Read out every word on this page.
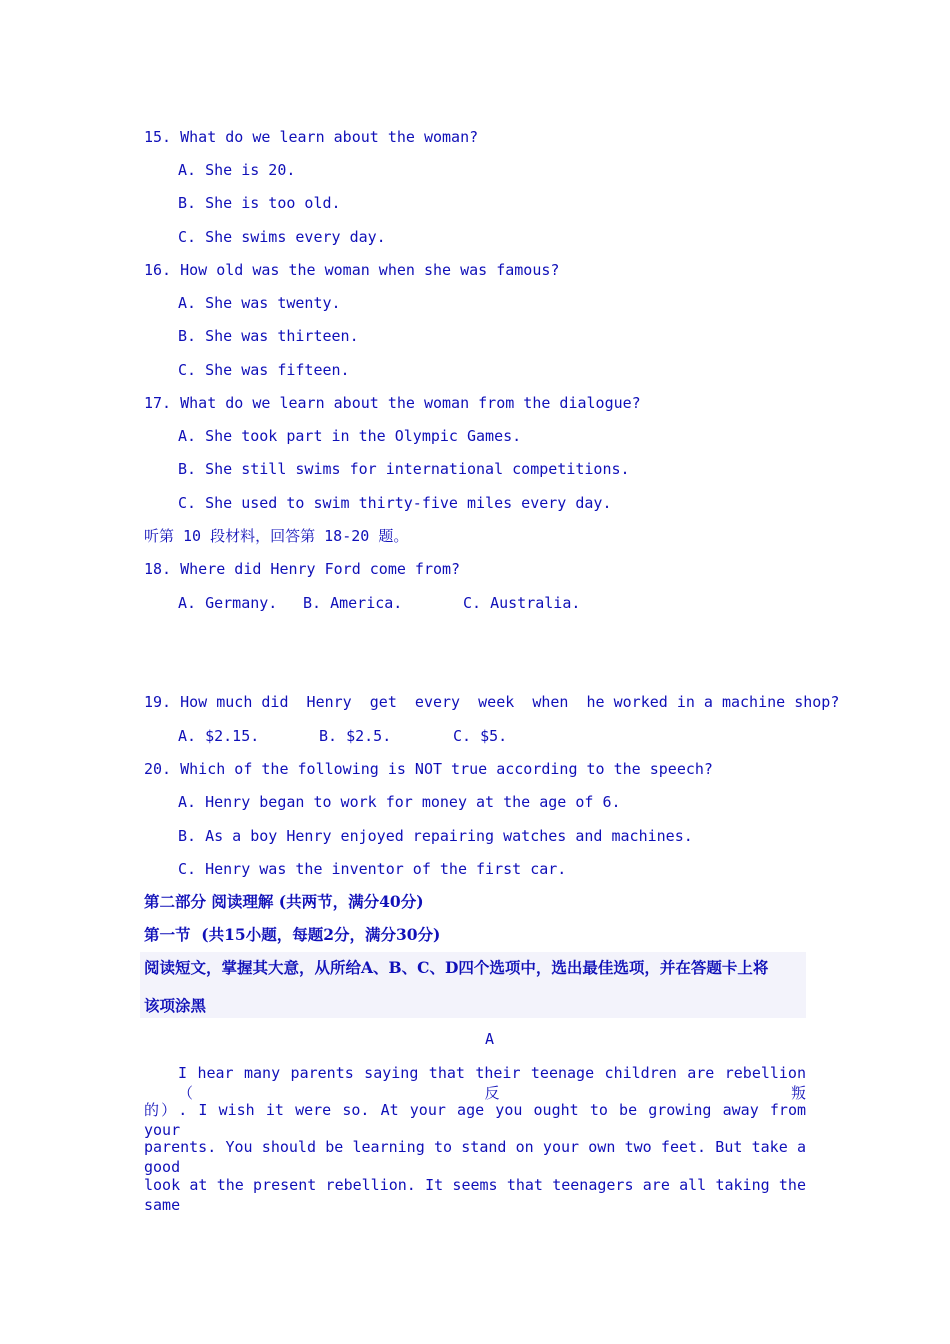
15. What do we learn about the woman?
A. She is 20.
B. She is too old.
C. She swims every day.
16. How old was the woman when she was famous?
A. She was twenty.
B. She was thirteen.
C. She was fifteen.
17. What do we learn about the woman from the dialogue?
A. She took part in the Olympic Games.
B. She still swims for international competitions.
C. She used to swim thirty-five miles every day.
听第 10 段材料，回答第 18-20 题。
18. Where did Henry Ford come from?
A. Germany. B. America.	C. Australia.
19. How much did  Henry  get  every  week  when  he worked in a machine shop?
A. $2.15.	B. $2.5.	C. $5.
20. Which of the following is NOT true according to the speech?
A. Henry began to work for money at the age of 6.
B. As a boy Henry enjoyed repairing watches and machines.
C. Henry was the inventor of the first car.
第二部分 阅读理解 (共两节，满分40分)
第一节  (共15小题，每题2分，满分30分)
阅读短文，掌握其大意，从所给A、B、C、D四个选项中，选出最佳选项，并在答题卡上将
该项涂黑
A
I hear many parents saying that their teenage children are rebellion（反叛
的）. I wish it were so. At your age you ought to be growing away from your
parents. You should be learning to stand on your own two feet. But take a good
look at the present rebellion. It seems that teenagers are all taking the same
